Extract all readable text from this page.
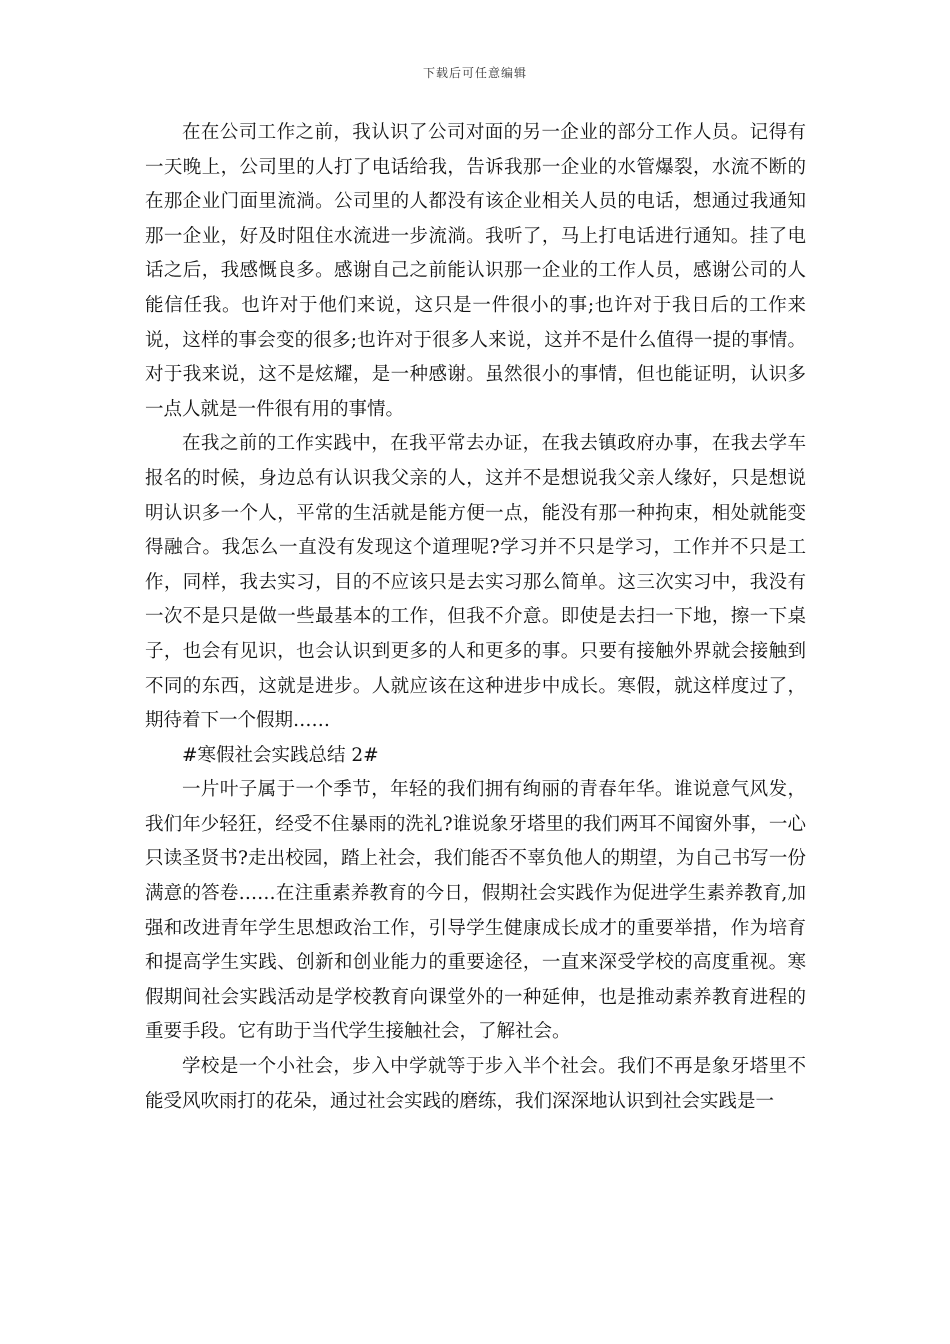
下载后可任意编辑

在在公司工作之前，我认识了公司对面的另一企业的部分工作人员。记得有一天晚上，公司里的人打了电话给我，告诉我那一企业的水管爆裂，水流不断的在那企业门面里流淌。公司里的人都没有该企业相关人员的电话，想通过我通知那一企业，好及时阻住水流进一步流淌。我听了，马上打电话进行通知。挂了电话之后，我感慨良多。感谢自己之前能认识那一企业的工作人员，感谢公司的人能信任我。也许对于他们来说，这只是一件很小的事;也许对于我日后的工作来说，这样的事会变的很多;也许对于很多人来说，这并不是什么值得一提的事情。对于我来说，这不是炫耀，是一种感谢。虽然很小的事情，但也能证明，认识多一点人就是一件很有用的事情。

在我之前的工作实践中，在我平常去办证，在我去镇政府办事，在我去学车报名的时候，身边总有认识我父亲的人，这并不是想说我父亲人缘好，只是想说明认识多一个人，平常的生活就是能方便一点，能没有那一种拘束，相处就能变得融合。我怎么一直没有发现这个道理呢?学习并不只是学习，工作并不只是工作，同样，我去实习，目的不应该只是去实习那么简单。这三次实习中，我没有一次不是只是做一些最基本的工作，但我不介意。即使是去扫一下地，擦一下桌子，也会有见识，也会认识到更多的人和更多的事。只要有接触外界就会接触到不同的东西，这就是进步。人就应该在这种进步中成长。寒假，就这样度过了，期待着下一个假期……

#寒假社会实践总结 2#

一片叶子属于一个季节，年轻的我们拥有绚丽的青春年华。谁说意气风发，我们年少轻狂，经受不住暴雨的洗礼?谁说象牙塔里的我们两耳不闻窗外事，一心只读圣贤书?走出校园，踏上社会，我们能否不辜负他人的期望，为自己书写一份满意的答卷……在注重素养教育的今日，假期社会实践作为促进学生素养教育,加强和改进青年学生思想政治工作，引导学生健康成长成才的重要举措，作为培育和提高学生实践、创新和创业能力的重要途径，一直来深受学校的高度重视。寒假期间社会实践活动是学校教育向课堂外的一种延伸，也是推动素养教育进程的重要手段。它有助于当代学生接触社会，了解社会。

学校是一个小社会，步入中学就等于步入半个社会。我们不再是象牙塔里不能受风吹雨打的花朵，通过社会实践的磨练，我们深深地认识到社会实践是一
